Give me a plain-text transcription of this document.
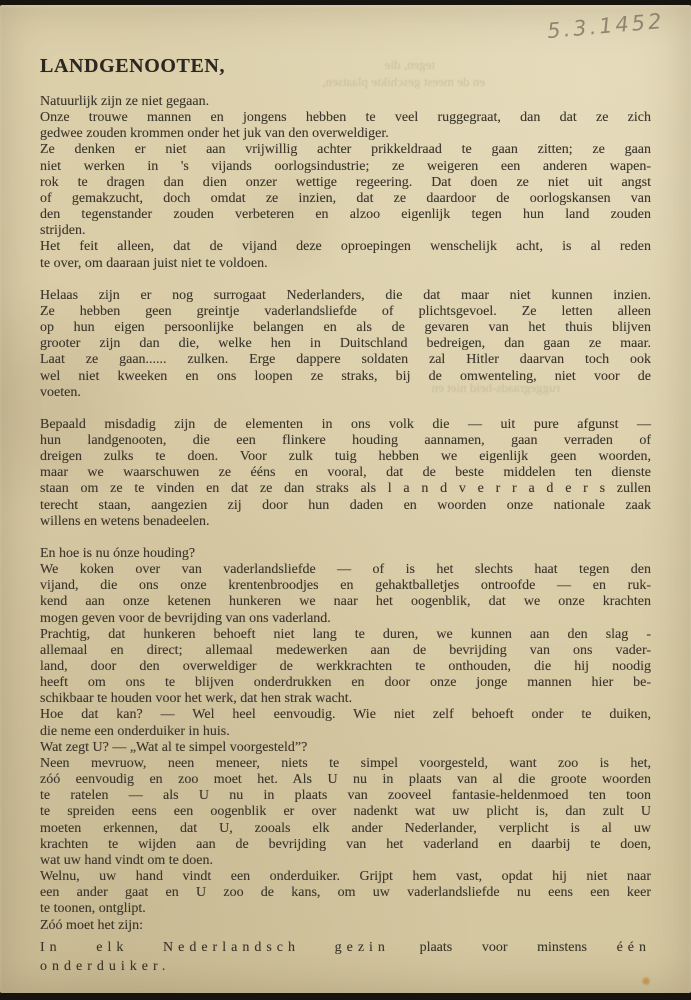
tegen, die
en de meest geschikte plaatsen,
ruggegraads-heid niet en
5.3.1452
LANDGENOOTEN,
Natuurlijk zijn ze niet gegaan.
Onze trouwe mannen en jongens hebben te veel ruggegraat, dan dat ze zich
gedwee zouden krommen onder het juk van den overweldiger.
Ze denken er niet aan vrijwillig achter prikkeldraad te gaan zitten; ze gaan
niet werken in 's vijands oorlogsindustrie; ze weigeren een anderen wapen-
rok te dragen dan dien onzer wettige regeering. Dat doen ze niet uit angst
of gemakzucht, doch omdat ze inzien, dat ze daardoor de oorlogskansen van
den tegenstander zouden verbeteren en alzoo eigenlijk tegen hun land zouden
strijden.
Het feit alleen, dat de vijand deze oproepingen wenschelijk acht, is al reden
te over, om daaraan juist niet te voldoen.
Helaas zijn er nog surrogaat Nederlanders, die dat maar niet kunnen inzien.
Ze hebben geen greintje vaderlandsliefde of plichtsgevoel. Ze letten alleen
op hun eigen persoonlijke belangen en als de gevaren van het thuis blijven
grooter zijn dan die, welke hen in Duitschland bedreigen, dan gaan ze maar.
Laat ze gaan...... zulken. Erge dappere soldaten zal Hitler daarvan toch ook
wel niet kweeken en ons loopen ze straks, bij de omwenteling, niet voor de
voeten.
Bepaald misdadig zijn de elementen in ons volk die — uit pure afgunst —
hun landgenooten, die een flinkere houding aannamen, gaan verraden of
dreigen zulks te doen. Voor zulk tuig hebben we eigenlijk geen woorden,
maar we waarschuwen ze ééns en vooral, dat de beste middelen ten dienste
staan om ze te vinden en dat ze dan straks als l a n d v e r r a d e r s zullen
terecht staan, aangezien zij door hun daden en woorden onze nationale zaak
willens en wetens benadeelen.
En hoe is nu ónze houding?
We koken over van vaderlandsliefde — of is het slechts haat tegen den
vijand, die ons onze krentenbroodjes en gehaktballetjes ontroofde — en ruk-
kend aan onze ketenen hunkeren we naar het oogenblik, dat we onze krachten
mogen geven voor de bevrijding van ons vaderland.
Prachtig, dat hunkeren behoeft niet lang te duren, we kunnen aan den slag -
allemaal en direct; allemaal medewerken aan de bevrijding van ons vader-
land, door den overweldiger de werkkrachten te onthouden, die hij noodig
heeft om ons te blijven onderdrukken en door onze jonge mannen hier be-
schikbaar te houden voor het werk, dat hen strak wacht.
Hoe dat kan? — Wel heel eenvoudig. Wie niet zelf behoeft onder te duiken,
die neme een onderduiker in huis.
Wat zegt U? — „Wat al te simpel voorgesteld”?
Neen mevruow, neen meneer, niets te simpel voorgesteld, want zoo is het,
zóó eenvoudig en zoo moet het. Als U nu in plaats van al die groote woorden
te ratelen — als U nu in plaats van zooveel fantasie-heldenmoed ten toon
te spreiden eens een oogenblik er over nadenkt wat uw plicht is, dan zult U
moeten erkennen, dat U, zooals elk ander Nederlander, verplicht is al uw
krachten te wijden aan de bevrijding van het vaderland en daarbij te doen,
wat uw hand vindt om te doen.
Welnu, uw hand vindt een onderduiker. Grijpt hem vast, opdat hij niet naar
een ander gaat en U zoo de kans, om uw vaderlandsliefde nu eens een keer
te toonen, ontglipt.
Zóó moet het zijn:
In elk Nederlandsch gezin plaats voor minstens één
onderduiker.
